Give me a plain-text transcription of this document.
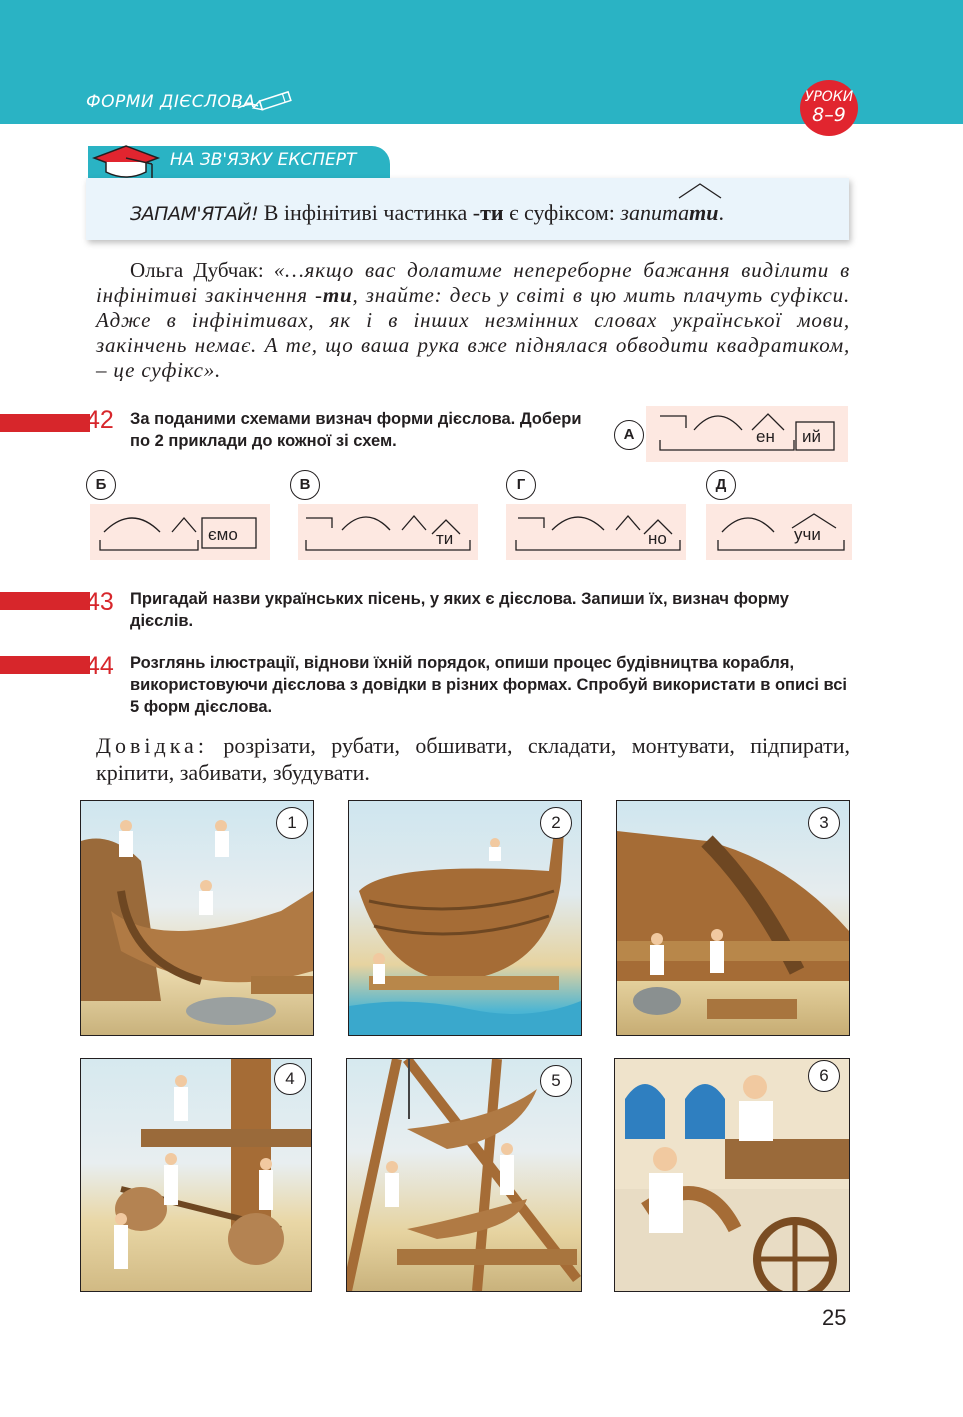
ФОРМИ ДІЄСЛОВА	УРОКИ
8–9
НА ЗВ'ЯЗКУ ЕКСПЕРТ
ЗАПАМ'ЯТАЙ! В інфінітиві частинка -ти є суфіксом: запитати
.
Ольга Дубчак: «…якщо вас долатиме непереборне бажання виділити в інфінітиві закінчення -ти, знайте: десь у світі в цю мить плачуть суфікси. Адже в інфінітивах, як і в інших незмінних словах української мови, закінчень немає. А те, що ваша рука вже піднялася обводити квадратиком, – це суфікс».
42 За поданими схемами визнач форми дієслова. Добери по 2 приклади до кожної зі схем.	А	ен ий
Б
ємо
В
ти
Г
но
Д
учи
43 Пригадай назви українських пісень, у яких є дієслова. Запиши їх, визнач форму дієслів.
44 Розглянь ілюстрації, віднови їхній порядок, опиши процес будівництва корабля, використовуючи дієслова з довідки в різних формах. Спробуй використати в описі всі 5 форм дієслова.
Довідка: розрізати, рубати, обшивати, складати, монтувати, підпирати, кріпити, забивати, збудувати.
1	2	3
4	5	6
25
